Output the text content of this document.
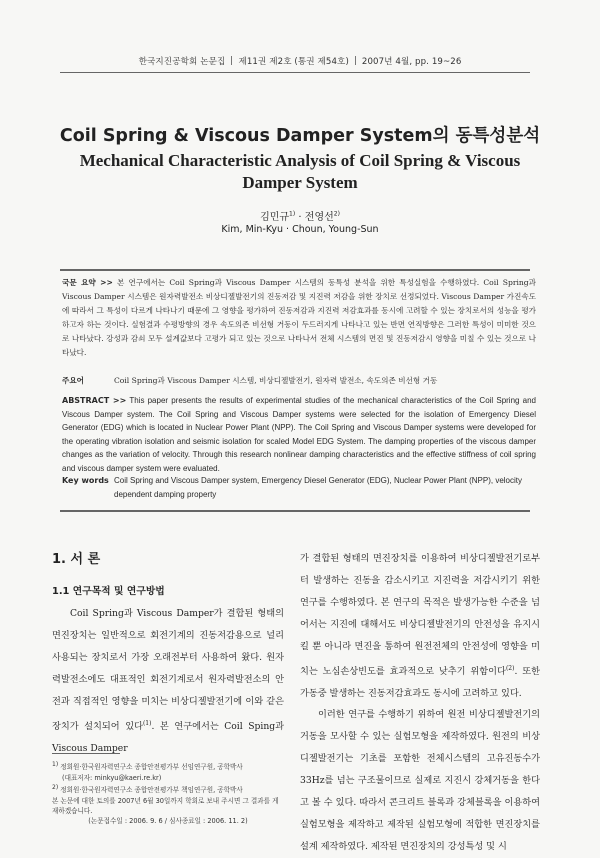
한국지진공학회 논문집 제11권 제2호 (통권 제54호) 2007년 4월, pp. 19~26
Coil Spring & Viscous Damper System의 동특성분석
Mechanical Characteristic Analysis of Coil Spring & Viscous Damper System
김민규$^{1)}$ · 전영선$^{2)}$
Kim, Min-Kyu · Choun, Young-Sun
국문 요약 >> 본 연구에서는 Coil Spring과 Viscous Damper 시스템의 동특성 분석을 위한 특성실험을 수행하였다. Coil Spring과 Viscous Damper 시스템은 원자력발전소 비상디젤발전기의 진동저감 및 지진력 저감을 위한 장치로 선정되었다. Viscous Damper 가진속도에 따라서 그 특성이 다르게 나타나기 때문에 그 영향을 평가하여 진동저감과 지진력 저감효과를 동시에 고려할 수 있는 장치로서의 성능을 평가하고자 하는 것이다. 실험결과 수평방향의 경우 속도의존 비선형 거동이 두드러지게 나타나고 있는 반면 연직방향은 그러한 특성이 미미한 것으로 나타났다. 강성과 감쇠 모두 설계값보다 고평가 되고 있는 것으로 나타나서 전체 시스템의 면진 및 진동저감시 영향을 미칠 수 있는 것으로 나타났다.
주요어	Coil Spring과 Viscous Damper 시스템, 비상디젤발전기, 원자력 발전소, 속도의존 비선형 거동
ABSTRACT >> This paper presents the results of experimental studies of the mechanical characteristics of the Coil Spring and Viscous Damper system. The Coil Spring and Viscous Damper systems were selected for the isolation of Emergency Diesel Generator (EDG) which is located in Nuclear Power Plant (NPP). The Coil Spring and Viscous Damper systems were developed for the operating vibration isolation and seismic isolation for scaled Model EDG System. The damping properties of the viscous damper changes as the variation of velocity. Through this research nonlinear damping characteristics and the effective stiffness of coil spring and viscous damper system were evaluated.
Key words Coil Spring and Viscous Damper system, Emergency Diesel Generator (EDG), Nuclear Power Plant (NPP), velocity dependent damping property
1. 서 론
1.1 연구목적 및 연구방법
Coil Spring과 Viscous Damper가 결합된 형태의 면진장치는 일반적으로 회전기계의 진동저감용으로 널리 사용되는 장치로서 가장 오래전부터 사용하여 왔다. 원자력발전소에도 대표적인 회전기계로서 원자력발전소의 안전과 직접적인 영향을 미치는 비상디젤발전기에 이와 같은 장치가 설치되어 있다$^{(1)}$. 본 연구에서는 Coil Sping과 Viscous Damper
$^{1)}$ 정회원·한국원자력연구소 종합안전평가부 선임연구원, 공학박사
(대표저자: minkyu@kaeri.re.kr)
$^{2)}$ 정회원·한국원자력연구소 종합안전평가부 책임연구원, 공학박사
본 논문에 대한 토의를 2007년 6월 30일까지 학회로 보내 주시면 그 결과를 게재하겠습니다.
(논문접수일 : 2006. 9. 6 / 심사종료일 : 2006. 11. 2)
가 결합된 형태의 면진장치를 이용하여 비상디젤발전기로부터 발생하는 진동을 감소시키고 지진력을 저감시키기 위한 연구를 수행하였다. 본 연구의 목적은 발생가능한 수준을 넘어서는 지진에 대해서도 비상디젤발전기의 안전성을 유지시킬 뿐 아니라 면진을 통하여 원전전체의 안전성에 영향을 미치는 노심손상빈도를 효과적으로 낮추기 위함이다$^{(2)}$. 또한 가동중 발생하는 진동저감효과도 동시에 고려하고 있다.
이러한 연구를 수행하기 위하여 원전 비상디젤발전기의 거동을 모사할 수 있는 실험모형을 제작하였다. 원전의 비상디젤발전기는 기초를 포함한 전체시스템의 고유진동수가 33Hz를 넘는 구조물이므로 실제로 지진시 강체거동을 한다고 볼 수 있다. 따라서 콘크리트 블록과 강체블록을 이용하여 실험모형을 제작하고 제작된 실험모형에 적합한 면진장치를 설계 제작하였다. 제작된 면진장치의 강성특성 및 시
